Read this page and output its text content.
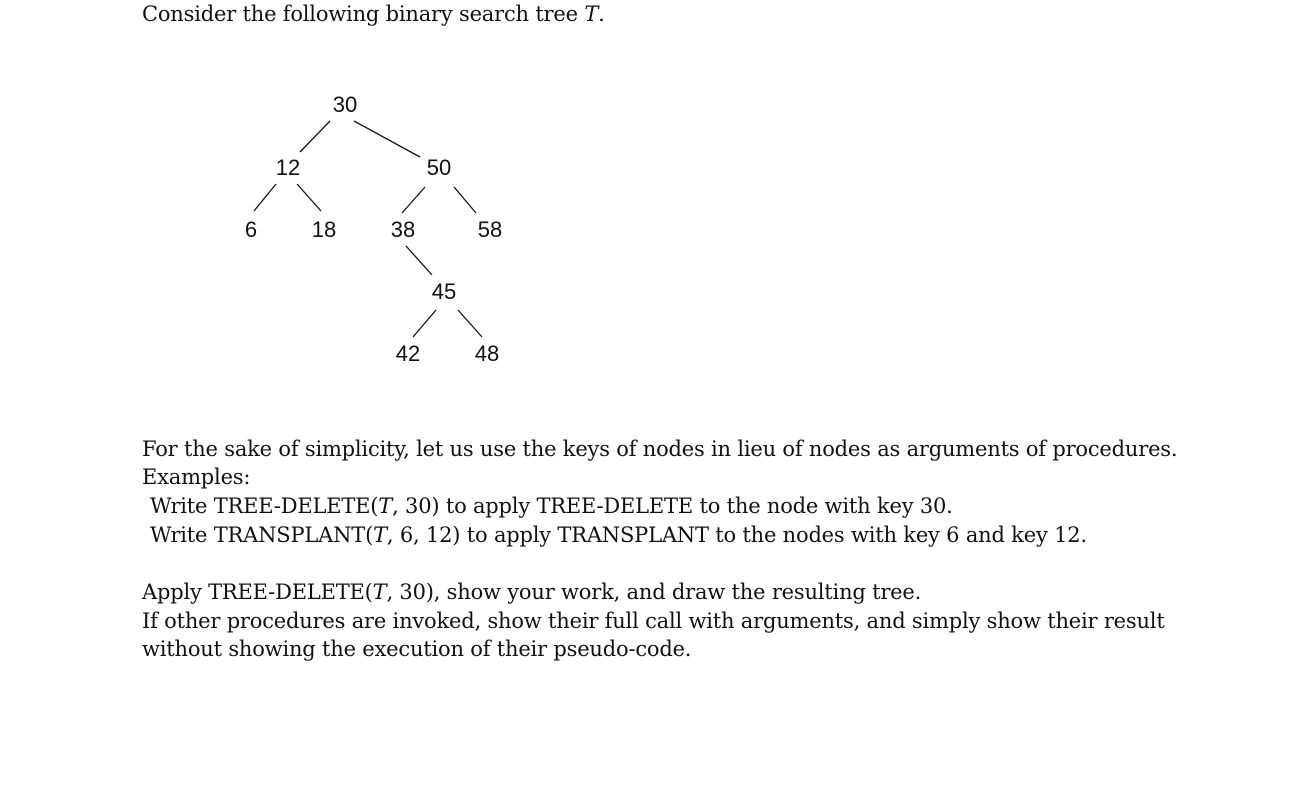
Consider the following binary search tree T.
30
12	50
6 18 38	58
45
42 48
For the sake of simplicity, let us use the keys of nodes in lieu of nodes as arguments of procedures.
Examples:
Write TREE-DELETE(T, 30) to apply TREE-DELETE to the node with key 30.
Write TRANSPLANT(T, 6, 12) to apply TRANSPLANT to the nodes with key 6 and key 12.
Apply TREE-DELETE(T, 30), show your work, and draw the resulting tree.
If other procedures are invoked, show their full call with arguments, and simply show their result
without showing the execution of their pseudo-code.
